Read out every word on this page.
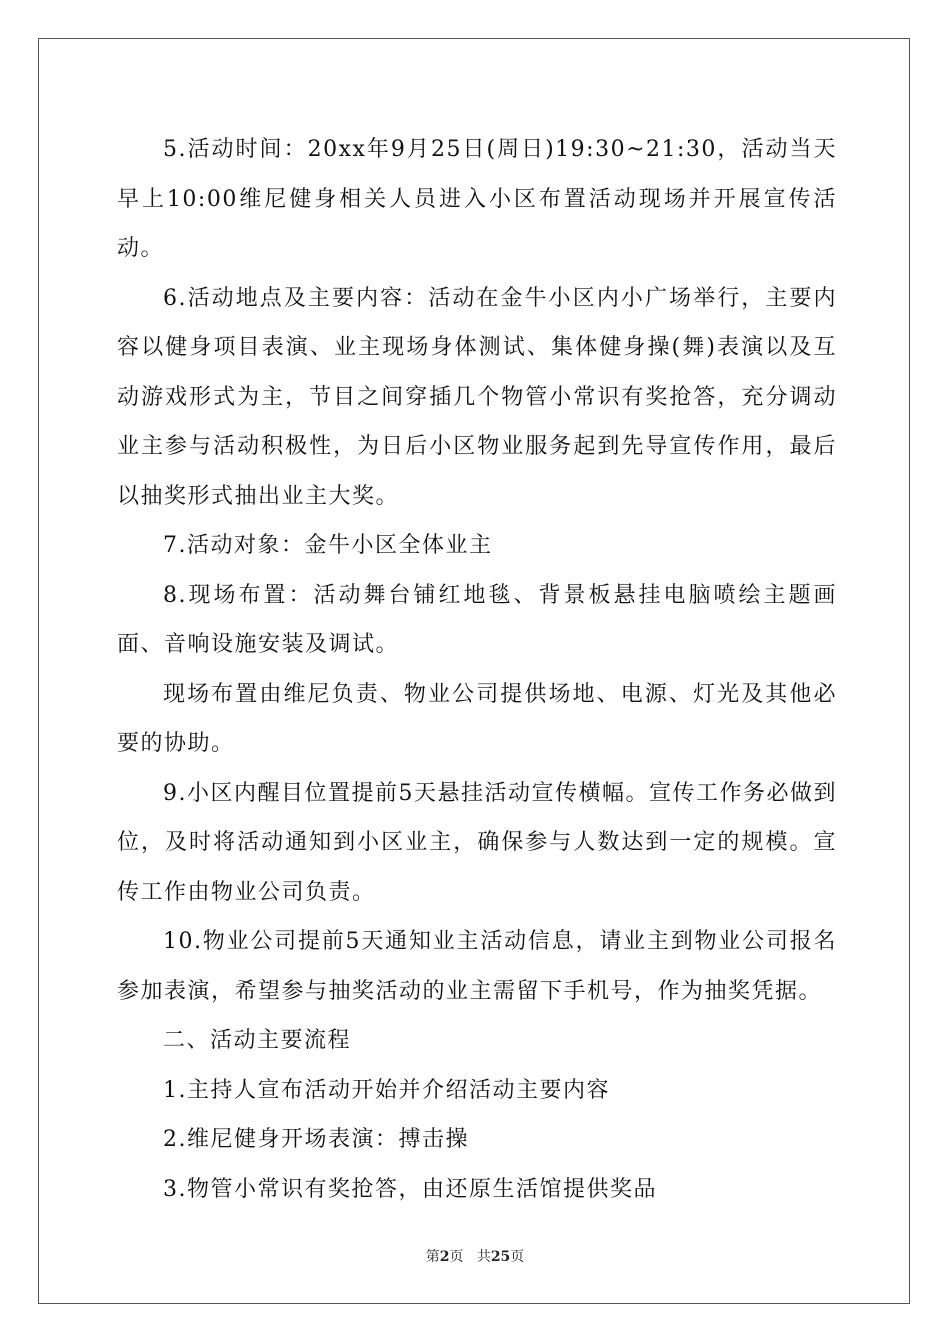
5.活动时间：20xx年9月25日(周日)19:30~21:30，活动当天早上10:00维尼健身相关人员进入小区布置活动现场并开展宣传活动。

6.活动地点及主要内容：活动在金牛小区内小广场举行，主要内容以健身项目表演、业主现场身体测试、集体健身操(舞)表演以及互动游戏形式为主，节目之间穿插几个物管小常识有奖抢答，充分调动业主参与活动积极性，为日后小区物业服务起到先导宣传作用，最后以抽奖形式抽出业主大奖。

7.活动对象：金牛小区全体业主

8.现场布置：活动舞台铺红地毯、背景板悬挂电脑喷绘主题画面、音响设施安装及调试。

现场布置由维尼负责、物业公司提供场地、电源、灯光及其他必要的协助。

9.小区内醒目位置提前5天悬挂活动宣传横幅。宣传工作务必做到位，及时将活动通知到小区业主，确保参与人数达到一定的规模。宣传工作由物业公司负责。

10.物业公司提前5天通知业主活动信息，请业主到物业公司报名参加表演，希望参与抽奖活动的业主需留下手机号，作为抽奖凭据。

二、活动主要流程

1.主持人宣布活动开始并介绍活动主要内容

2.维尼健身开场表演：搏击操

3.物管小常识有奖抢答，由还原生活馆提供奖品

第2页 共25页
